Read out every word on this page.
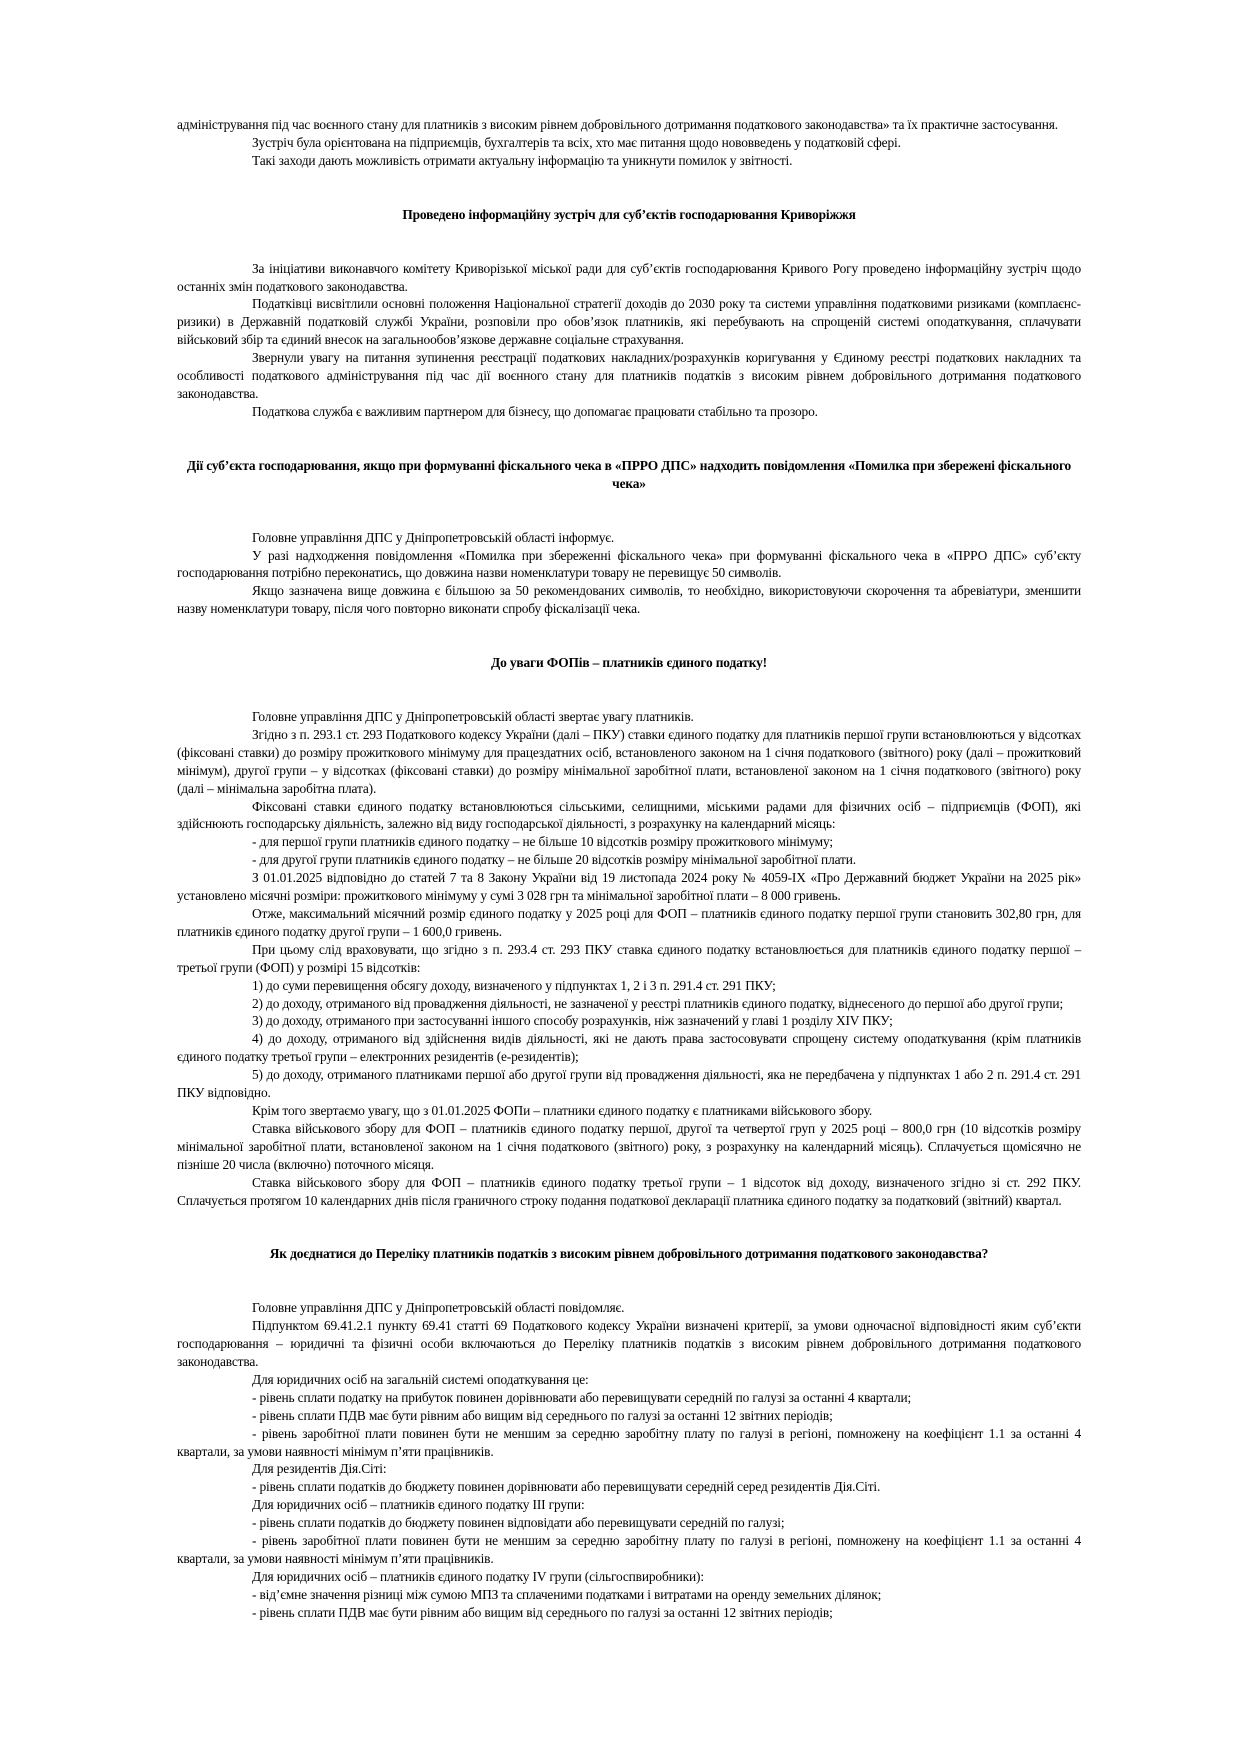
адміністрування під час воєнного стану для платників з високим рівнем добровільного дотримання податкового законодавства» та їх практичне застосування.

Зустріч була орієнтована на підприємців, бухгалтерів та всіх, хто має питання щодо нововведень у податковій сфері.

Такі заходи дають можливість отримати актуальну інформацію та уникнути помилок у звітності.

Проведено інформаційну зустріч для суб’єктів господарювання Криворіжжя

За ініціативи виконавчого комітету Криворізької міської ради для суб’єктів господарювання Кривого Рогу проведено інформаційну зустріч щодо останніх змін податкового законодавства.

Податківці висвітлили основні положення Національної стратегії доходів до 2030 року та системи управління податковими ризиками (комплаєнс-ризики) в Державній податковій службі України, розповіли про обов’язок платників, які перебувають на спрощеній системі оподаткування, сплачувати військовий збір та єдиний внесок на загальнообов’язкове державне соціальне страхування.

Звернули увагу на питання зупинення реєстрації податкових накладних/розрахунків коригування у Єдиному реєстрі податкових накладних та особливості податкового адміністрування під час дії воєнного стану для платників податків з високим рівнем добровільного дотримання податкового законодавства.

Податкова служба є важливим партнером для бізнесу, що допомагає працювати стабільно та прозоро.

Дії суб’єкта господарювання, якщо при формуванні фіскального чека в «ПРРО ДПС» надходить повідомлення «Помилка при збережені фіскального чека»

Головне управління ДПС у Дніпропетровській області інформує.

У разі надходження повідомлення «Помилка при збереженні фіскального чека» при формуванні фіскального чека в «ПРРО ДПС» суб’єкту господарювання потрібно переконатись, що довжина назви номенклатури товару не перевищує 50 символів.

Якщо зазначена вище довжина є більшою за 50 рекомендованих символів, то необхідно, використовуючи скорочення та абревіатури, зменшити назву номенклатури товару, після чого повторно виконати спробу фіскалізації чека.

До уваги ФОПів – платників єдиного податку!

Головне управління ДПС у Дніпропетровській області звертає увагу платників.

Згідно з п. 293.1 ст. 293 Податкового кодексу України (далі – ПКУ) ставки єдиного податку для платників першої групи встановлюються у відсотках (фіксовані ставки) до розміру прожиткового мінімуму для працездатних осіб, встановленого законом на 1 січня податкового (звітного) року (далі – прожитковий мінімум), другої групи – у відсотках (фіксовані ставки) до розміру мінімальної заробітної плати, встановленої законом на 1 січня податкового (звітного) року (далі – мінімальна заробітна плата).

Фіксовані ставки єдиного податку встановлюються сільськими, селищними, міськими радами для фізичних осіб – підприємців (ФОП), які здійснюють господарську діяльність, залежно від виду господарської діяльності, з розрахунку на календарний місяць:

- для першої групи платників єдиного податку – не більше 10 відсотків розміру прожиткового мінімуму;

- для другої групи платників єдиного податку – не більше 20 відсотків розміру мінімальної заробітної плати.

З 01.01.2025 відповідно до статей 7 та 8 Закону України від 19 листопада 2024 року № 4059-IX «Про Державний бюджет України на 2025 рік» установлено місячні розміри: прожиткового мінімуму у сумі 3 028 грн та мінімальної заробітної плати – 8 000 гривень.

Отже, максимальний місячний розмір єдиного податку у 2025 році для ФОП – платників єдиного податку першої групи становить 302,80 грн, для платників єдиного податку другої групи – 1 600,0 гривень.

При цьому слід враховувати, що згідно з п. 293.4 ст. 293 ПКУ ставка єдиного податку встановлюється для платників єдиного податку першої – третьої групи (ФОП) у розмірі 15 відсотків:

1) до суми перевищення обсягу доходу, визначеного у підпунктах 1, 2 і 3 п. 291.4 ст. 291 ПКУ;

2) до доходу, отриманого від провадження діяльності, не зазначеної у реєстрі платників єдиного податку, віднесеного до першої або другої групи;

3) до доходу, отриманого при застосуванні іншого способу розрахунків, ніж зазначений у главі 1 розділу XIV ПКУ;

4) до доходу, отриманого від здійснення видів діяльності, які не дають права застосовувати спрощену систему оподаткування (крім платників єдиного податку третьої групи – електронних резидентів (е-резидентів);

5) до доходу, отриманого платниками першої або другої групи від провадження діяльності, яка не передбачена у підпунктах 1 або 2 п. 291.4 ст. 291 ПКУ відповідно.

Крім того звертаємо увагу, що з 01.01.2025 ФОПи – платники єдиного податку є платниками військового збору.

Ставка військового збору для ФОП – платників єдиного податку першої, другої та четвертої груп у 2025 році – 800,0 грн (10 відсотків розміру мінімальної заробітної плати, встановленої законом на 1 січня податкового (звітного) року, з розрахунку на календарний місяць). Сплачується щомісячно не пізніше 20 числа (включно) поточного місяця.

Ставка військового збору для ФОП – платників єдиного податку третьої групи – 1 відсоток від доходу, визначеного згідно зі ст. 292 ПКУ. Сплачується протягом 10 календарних днів після граничного строку подання податкової декларації платника єдиного податку за податковий (звітний) квартал.

Як доєднатися до Переліку платників податків з високим рівнем добровільного дотримання податкового законодавства?

Головне управління ДПС у Дніпропетровській області повідомляє.

Підпунктом 69.41.2.1 пункту 69.41 статті 69 Податкового кодексу України визначені критерії, за умови одночасної відповідності яким суб’єкти господарювання – юридичні та фізичні особи включаються до Переліку платників податків з високим рівнем добровільного дотримання податкового законодавства.

Для юридичних осіб на загальній системі оподаткування це:

- рівень сплати податку на прибуток повинен дорівнювати або перевищувати середній по галузі за останні 4 квартали;

- рівень сплати ПДВ має бути рівним або вищим від середнього по галузі за останні 12 звітних періодів;

- рівень заробітної плати повинен бути не меншим за середню заробітну плату по галузі в регіоні, помножену на коефіцієнт 1.1 за останні 4 квартали, за умови наявності мінімум п’яти працівників.

Для резидентів Дія.Сіті:

- рівень сплати податків до бюджету повинен дорівнювати або перевищувати середній серед резидентів Дія.Сіті.

Для юридичних осіб – платників єдиного податку ІІІ групи:

- рівень сплати податків до бюджету повинен відповідати або перевищувати середній по галузі;

- рівень заробітної плати повинен бути не меншим за середню заробітну плату по галузі в регіоні, помножену на коефіцієнт 1.1 за останні 4 квартали, за умови наявності мінімум п’яти працівників.

Для юридичних осіб – платників єдиного податку IV групи (сільгоспвиробники):

- від’ємне значення різниці між сумою МПЗ та сплаченими податками і витратами на оренду земельних ділянок;

- рівень сплати ПДВ має бути рівним або вищим від середнього по галузі за останні 12 звітних періодів;
